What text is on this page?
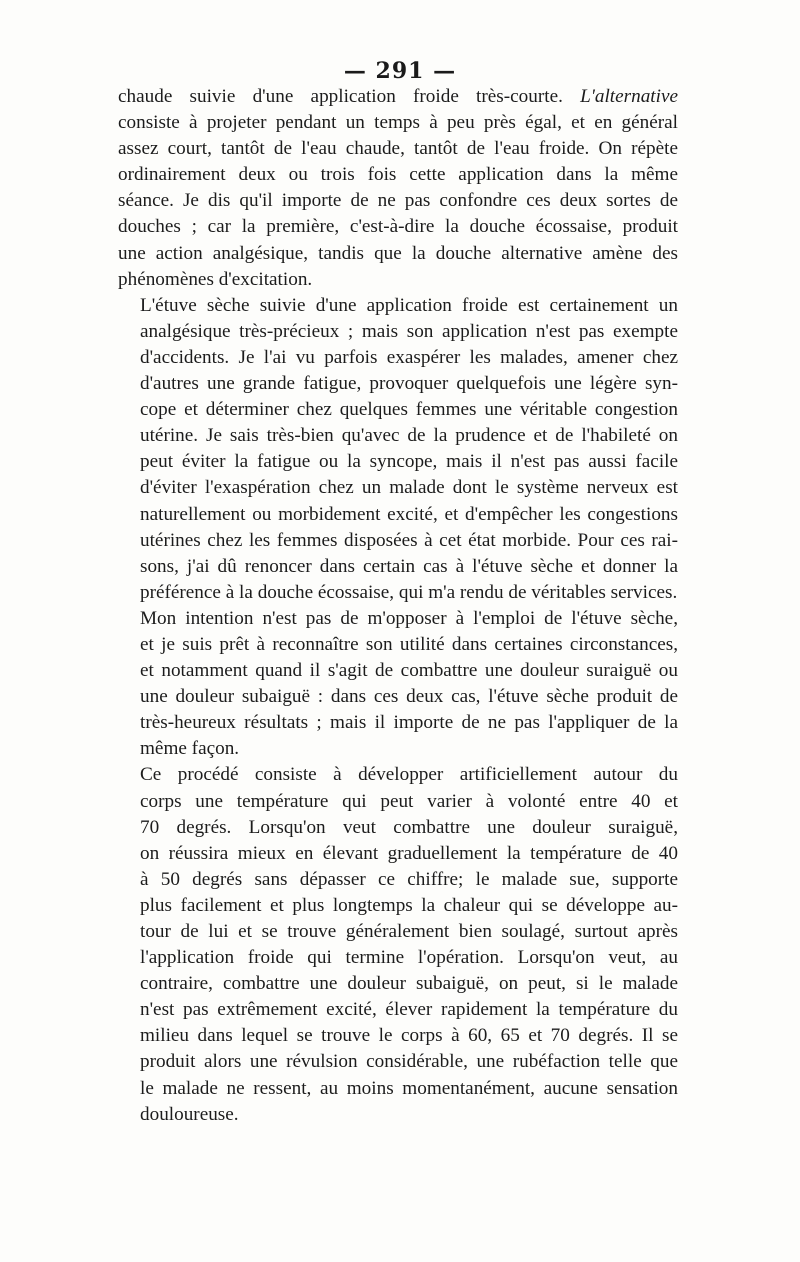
— 291 —
chaude suivie d'une application froide très-courte. L'alternative
consiste à projeter pendant un temps à peu près égal, et en général
assez court, tantôt de l'eau chaude, tantôt de l'eau froide. On répète
ordinairement deux ou trois fois cette application dans la même
séance. Je dis qu'il importe de ne pas confondre ces deux sortes de
douches ; car la première, c'est-à-dire la douche écossaise, produit
une action analgésique, tandis que la douche alternative amène des
phénomènes d'excitation.
L'étuve sèche suivie d'une application froide est certainement un
analgésique très-précieux ; mais son application n'est pas exempte
d'accidents. Je l'ai vu parfois exaspérer les malades, amener chez
d'autres une grande fatigue, provoquer quelquefois une légère syn-
cope et déterminer chez quelques femmes une véritable congestion
utérine. Je sais très-bien qu'avec de la prudence et de l'habileté on
peut éviter la fatigue ou la syncope, mais il n'est pas aussi facile
d'éviter l'exaspération chez un malade dont le système nerveux est
naturellement ou morbidement excité, et d'empêcher les congestions
utérines chez les femmes disposées à cet état morbide. Pour ces rai-
sons, j'ai dû renoncer dans certain cas à l'étuve sèche et donner la
préférence à la douche écossaise, qui m'a rendu de véritables services.
Mon intention n'est pas de m'opposer à l'emploi de l'étuve sèche,
et je suis prêt à reconnaître son utilité dans certaines circonstances,
et notamment quand il s'agit de combattre une douleur suraiguë ou
une douleur subaiguë : dans ces deux cas, l'étuve sèche produit de
très-heureux résultats ; mais il importe de ne pas l'appliquer de la
même façon.
Ce procédé consiste à développer artificiellement autour du
corps une température qui peut varier à volonté entre 40 et
70 degrés. Lorsqu'on veut combattre une douleur suraiguë,
on réussira mieux en élevant graduellement la température de 40
à 50 degrés sans dépasser ce chiffre; le malade sue, supporte
plus facilement et plus longtemps la chaleur qui se développe au-
tour de lui et se trouve généralement bien soulagé, surtout après
l'application froide qui termine l'opération. Lorsqu'on veut, au
contraire, combattre une douleur subaiguë, on peut, si le malade
n'est pas extrêmement excité, élever rapidement la température du
milieu dans lequel se trouve le corps à 60, 65 et 70 degrés. Il se
produit alors une révulsion considérable, une rubéfaction telle que
le malade ne ressent, au moins momentanément, aucune sensation
douloureuse.
